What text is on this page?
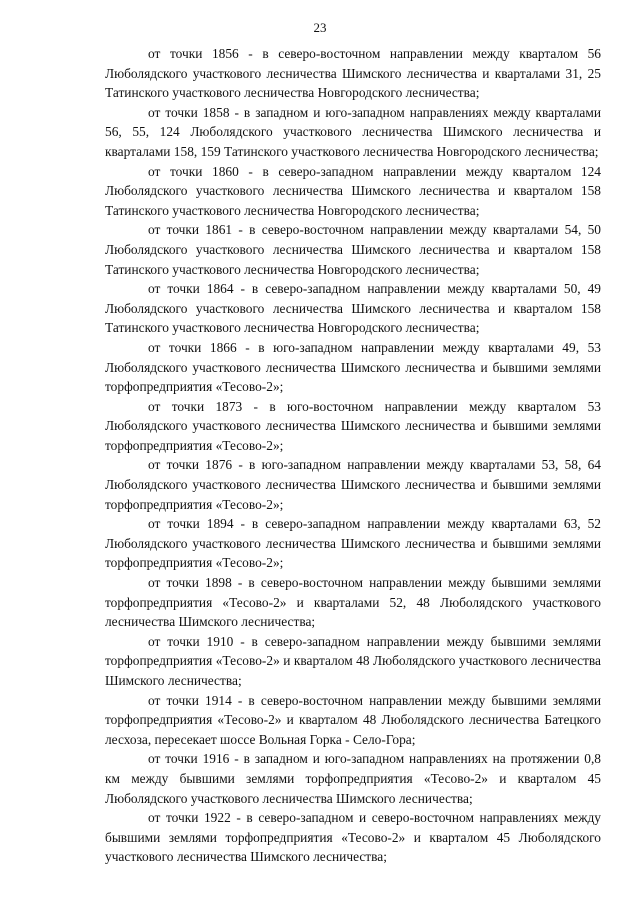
23

от точки 1856 - в северо-восточном направлении между кварталом 56 Люболядского участкового лесничества Шимского лесничества и кварталами 31, 25 Татинского участкового лесничества Новгородского лесничества;

от точки 1858 - в западном и юго-западном направлениях между кварталами 56, 55, 124 Люболядского участкового лесничества Шимского лесничества и кварталами 158, 159 Татинского участкового лесничества Новгородского лесничества;

от точки 1860 - в северо-западном направлении между кварталом 124 Люболядского участкового лесничества Шимского лесничества и кварталом 158 Татинского участкового лесничества Новгородского лесничества;

от точки 1861 - в северо-восточном направлении между кварталами 54, 50 Люболядского участкового лесничества Шимского лесничества и кварталом 158 Татинского участкового лесничества Новгородского лесничества;

от точки 1864 - в северо-западном направлении между кварталами 50, 49 Люболядского участкового лесничества Шимского лесничества и кварталом 158 Татинского участкового лесничества Новгородского лесничества;

от точки 1866 - в юго-западном направлении между кварталами 49, 53 Люболядского участкового лесничества Шимского лесничества и бывшими землями торфопредприятия «Тесово-2»;

от точки 1873 - в юго-восточном направлении между кварталом 53 Люболядского участкового лесничества Шимского лесничества и бывшими землями торфопредприятия «Тесово-2»;

от точки 1876 - в юго-западном направлении между кварталами 53, 58, 64 Люболядского участкового лесничества Шимского лесничества и бывшими землями торфопредприятия «Тесово-2»;

от точки 1894 - в северо-западном направлении между кварталами 63, 52 Люболядского участкового лесничества Шимского лесничества и бывшими землями торфопредприятия «Тесово-2»;

от точки 1898 - в северо-восточном направлении между бывшими землями торфопредприятия «Тесово-2» и кварталами 52, 48 Люболядского участкового лесничества Шимского лесничества;

от точки 1910 - в северо-западном направлении между бывшими землями торфопредприятия «Тесово-2» и кварталом 48 Люболядского участкового лесничества Шимского лесничества;

от точки 1914 - в северо-восточном направлении между бывшими землями торфопредприятия «Тесово-2» и кварталом 48 Люболядского лесничества Батецкого лесхоза, пересекает шоссе Вольная Горка - Село-Гора;

от точки 1916 - в западном и юго-западном направлениях на протяжении 0,8 км между бывшими землями торфопредприятия «Тесово-2» и кварталом 45 Люболядского участкового лесничества Шимского лесничества;

от точки 1922 - в северо-западном и северо-восточном направлениях между бывшими землями торфопредприятия «Тесово-2» и кварталом 45 Люболядского участкового лесничества Шимского лесничества;
